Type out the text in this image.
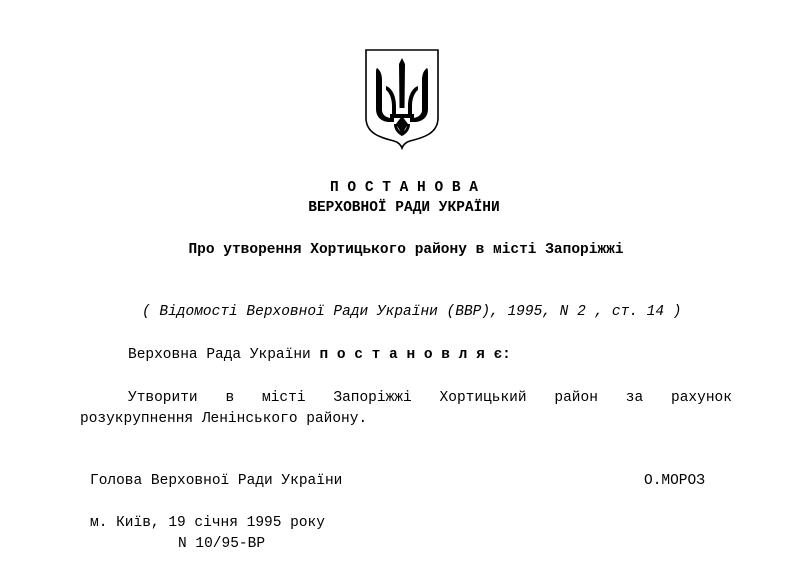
П О С Т А Н О В А
ВЕРХОВНОЇ РАДИ УКРАЇНИ
Про утворення Хортицького району в місті Запоріжжі
( Відомості Верховної Ради України (ВВР), 1995, N 2 , ст. 14 )
Верховна Рада України п о с т а н о в л я є:
Утворити в місті Запоріжжі Хортицький район за рахунок
розукрупнення Ленінського району.
Голова Верховної Ради України	О.МОРОЗ
м. Київ, 19 січня 1995 року
N 10/95-ВР
